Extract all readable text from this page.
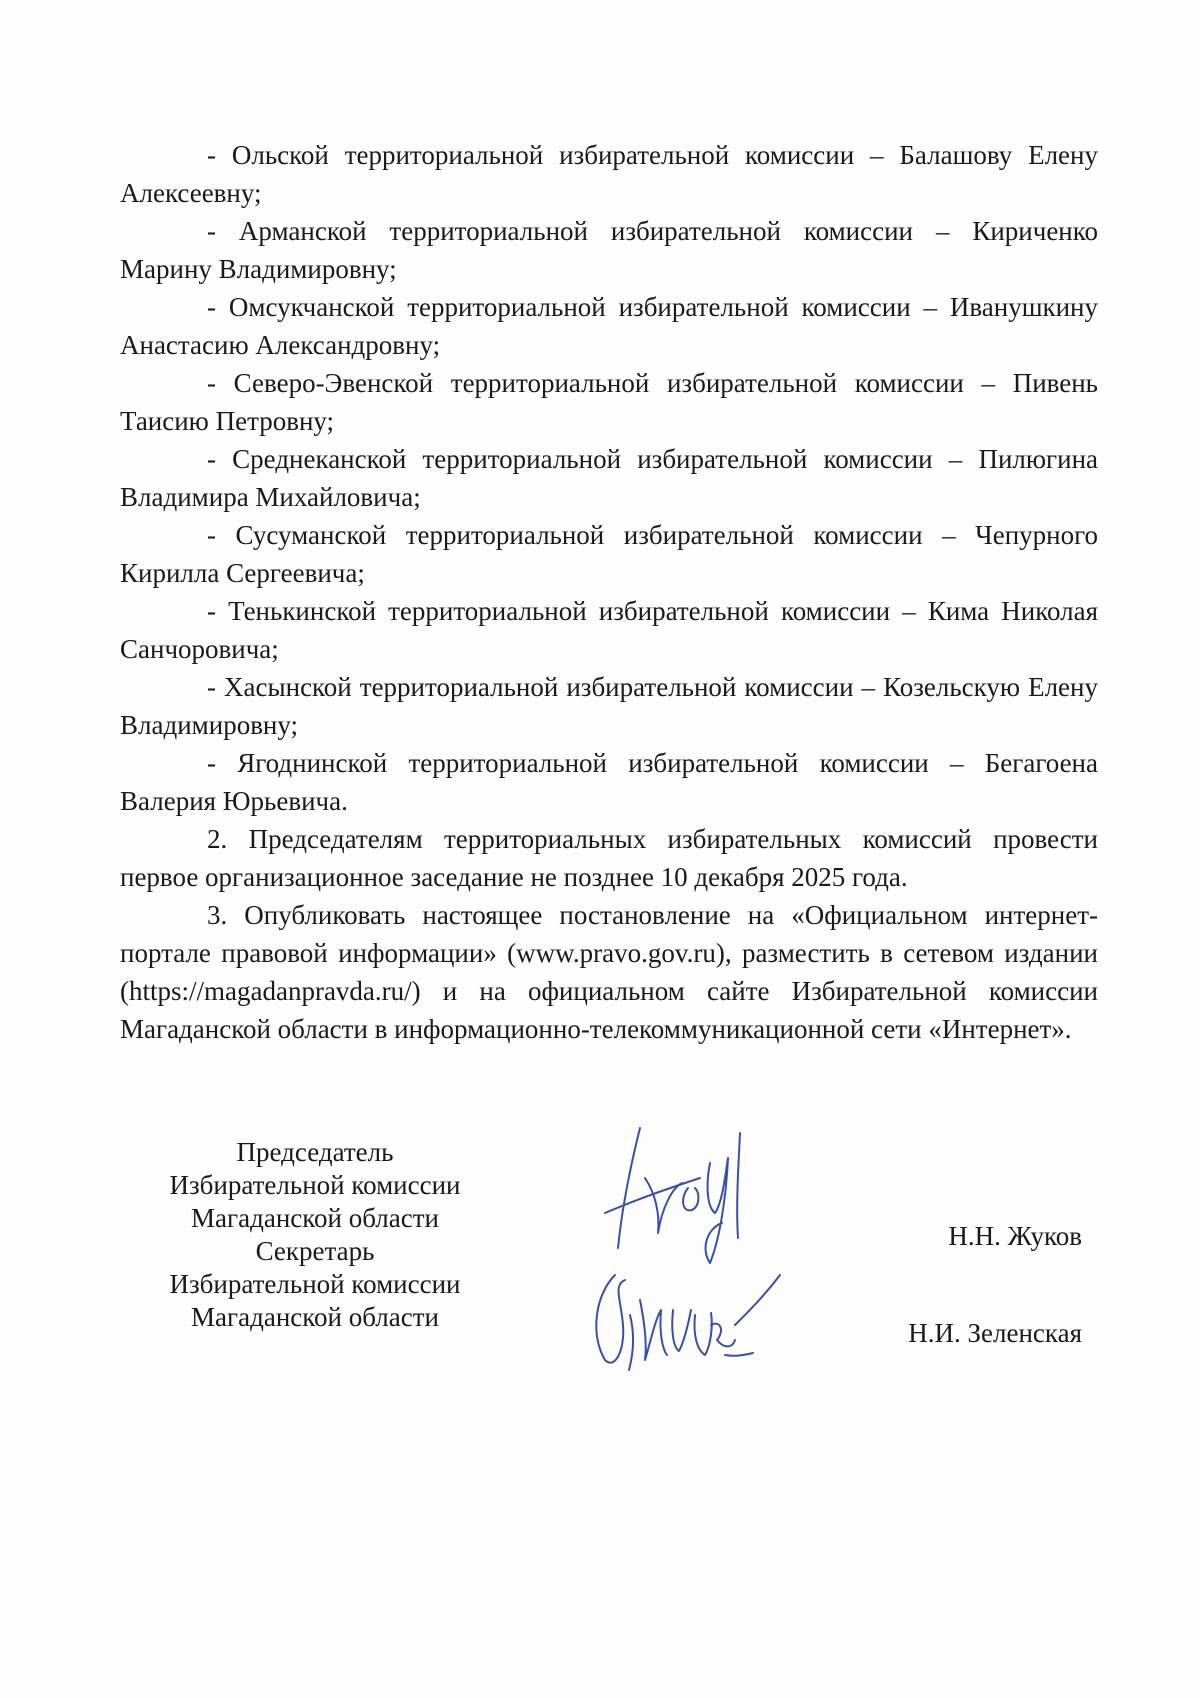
- Ольской территориальной избирательной комиссии – Балашову Елену Алексеевну;

- Арманской территориальной избирательной комиссии – Кириченко Марину Владимировну;

- Омсукчанской территориальной избирательной комиссии – Иванушкину Анастасию Александровну;

- Северо-Эвенской территориальной избирательной комиссии – Пивень Таисию Петровну;

- Среднеканской территориальной избирательной комиссии – Пилюгина Владимира Михайловича;

- Сусуманской территориальной избирательной комиссии – Чепурного Кирилла Сергеевича;

- Тенькинской территориальной избирательной комиссии – Кима Николая Санчоровича;

- Хасынской территориальной избирательной комиссии – Козельскую Елену Владимировну;

- Ягоднинской территориальной избирательной комиссии – Бегагоена Валерия Юрьевича.

2. Председателям территориальных избирательных комиссий провести первое организационное заседание не позднее 10 декабря 2025 года.

3. Опубликовать настоящее постановление на «Официальном интернет-портале правовой информации» (www.pravo.gov.ru), разместить в сетевом издании (https://magadanpravda.ru/) и на официальном сайте Избирательной комиссии Магаданской области в информационно-телекоммуникационной сети «Интернет».

Председатель
Избирательной комиссии
Магаданской области
Секретарь
Избирательной комиссии
Магаданской области
Н.Н. Жуков
Н.И. Зеленская
